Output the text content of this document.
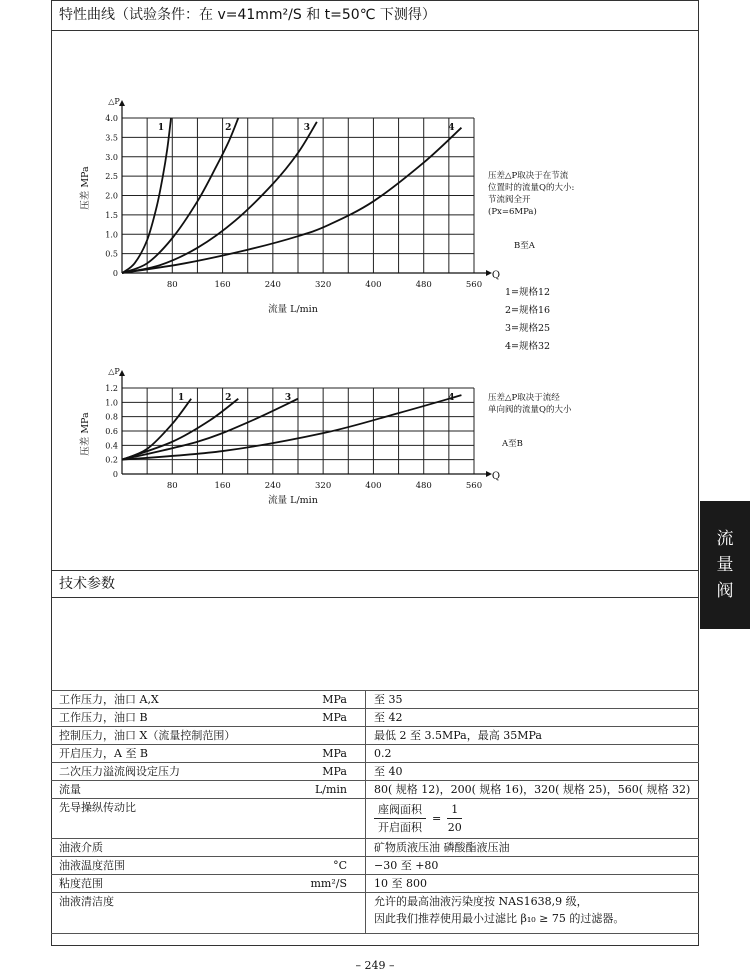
特性曲线（试验条件：在 v=41mm²/S 和 t=50℃ 下测得）
技术参数
流
量
阀
Q
△P
80	160	240	320	400	480	560
0
0.5
1.0
1.5
2.0
2.5
3.0
3.5
4.0
流量 L/min
压差 MPa
1	2	3	4
Q
△P
80	160	240	320	400	480	560
0
0.2
0.4
0.6
0.8
1.0
1.2
流量 L/min
压差 MPa
1	2	3	4
压差△P取决于在节流
位置时的流量Q的大小:
节流阀全开
(Px=6MPa)
B至A
1=规格12
2=规格16
3=规格25
4=规格32
压差△P取决于流经
单向阀的流量Q的大小
A至B
工作压力，油口 A,X	MPa	至 35
工作压力，油口 B	MPa	至 42
控制压力，油口 X（流量控制范围）		最低 2 至 3.5MPa，最高 35MPa
开启压力，A 至 B	MPa	0.2
二次压力溢流阀设定压力	MPa	至 40
流量	L/min	80( 规格 12)，200( 规格 16)，320( 规格 25)，560( 规格 32)
先导操纵传动比		$\frac{\text{座阀面积}}{\text{开启面积}} = \frac{1}{20}$

油液介质		矿物质液压油 磷酸酯液压油
油液温度范围	°C	−30 至 +80
粘度范围	mm²/S	10 至 800
油液清洁度		允许的最高油液污染度按 NAS1638,9 级，
因此我们推荐使用最小过滤比 β₁₀ ≥ 75 的过滤器。
– 249 –
